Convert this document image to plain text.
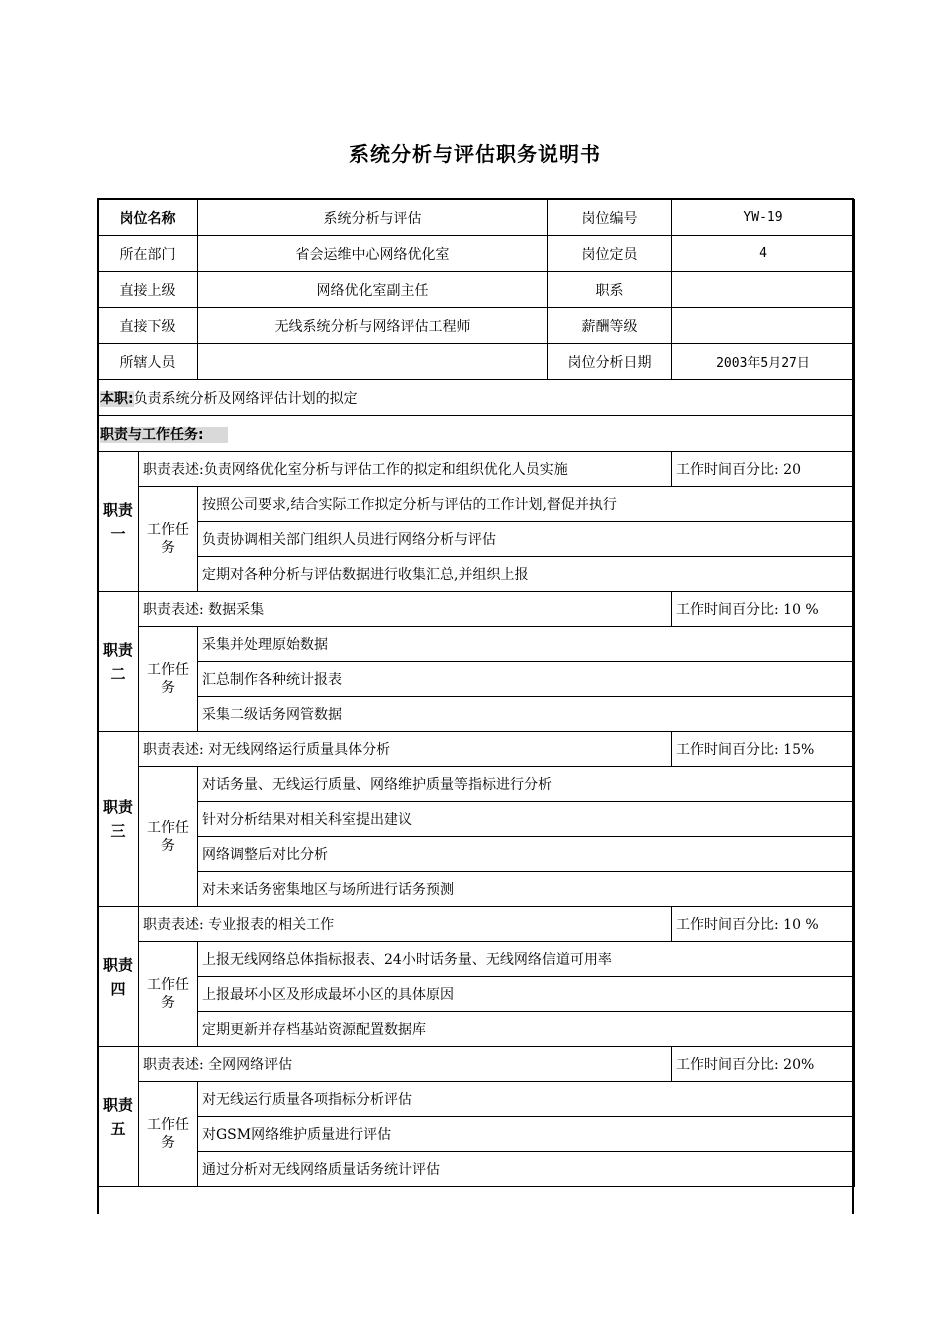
系统分析与评估职务说明书
岗位名称		系统分析与评估	岗位编号	YW-19
所在部门		省会运维中心网络优化室	岗位定员	4
直接上级		网络优化室副主任	职系	
直接下级		无线系统分析与网络评估工程师	薪酬等级	
所辖人员			岗位分析日期	2003年5月27日
本职:负责系统分析及网络评估计划的拟定				
职责与工作任务:				
职责一	职责表述:负责网络优化室分析与评估工作的拟定和组织优化人员实施			工作时间百分比: 20
	工作任务	按照公司要求,结合实际工作拟定分析与评估的工作计划,督促并执行		
		负责协调相关部门组织人员进行网络分析与评估		
		定期对各种分析与评估数据进行收集汇总,并组织上报		
职责二	职责表述: 数据采集			工作时间百分比: 10 %
	工作任务	采集并处理原始数据		
		汇总制作各种统计报表		
		采集二级话务网管数据		
职责三	职责表述: 对无线网络运行质量具体分析			工作时间百分比: 15%
	工作任务	对话务量、无线运行质量、网络维护质量等指标进行分析		
		针对分析结果对相关科室提出建议		
		网络调整后对比分析		
		对未来话务密集地区与场所进行话务预测		
职责四	职责表述: 专业报表的相关工作			工作时间百分比: 10 %
	工作任务	上报无线网络总体指标报表、24小时话务量、无线网络信道可用率		
		上报最坏小区及形成最坏小区的具体原因		
		定期更新并存档基站资源配置数据库		
职责五	职责表述: 全网网络评估			工作时间百分比: 20%
	工作任务	对无线运行质量各项指标分析评估		
		对GSM网络维护质量进行评估		
		通过分析对无线网络质量话务统计评估		
